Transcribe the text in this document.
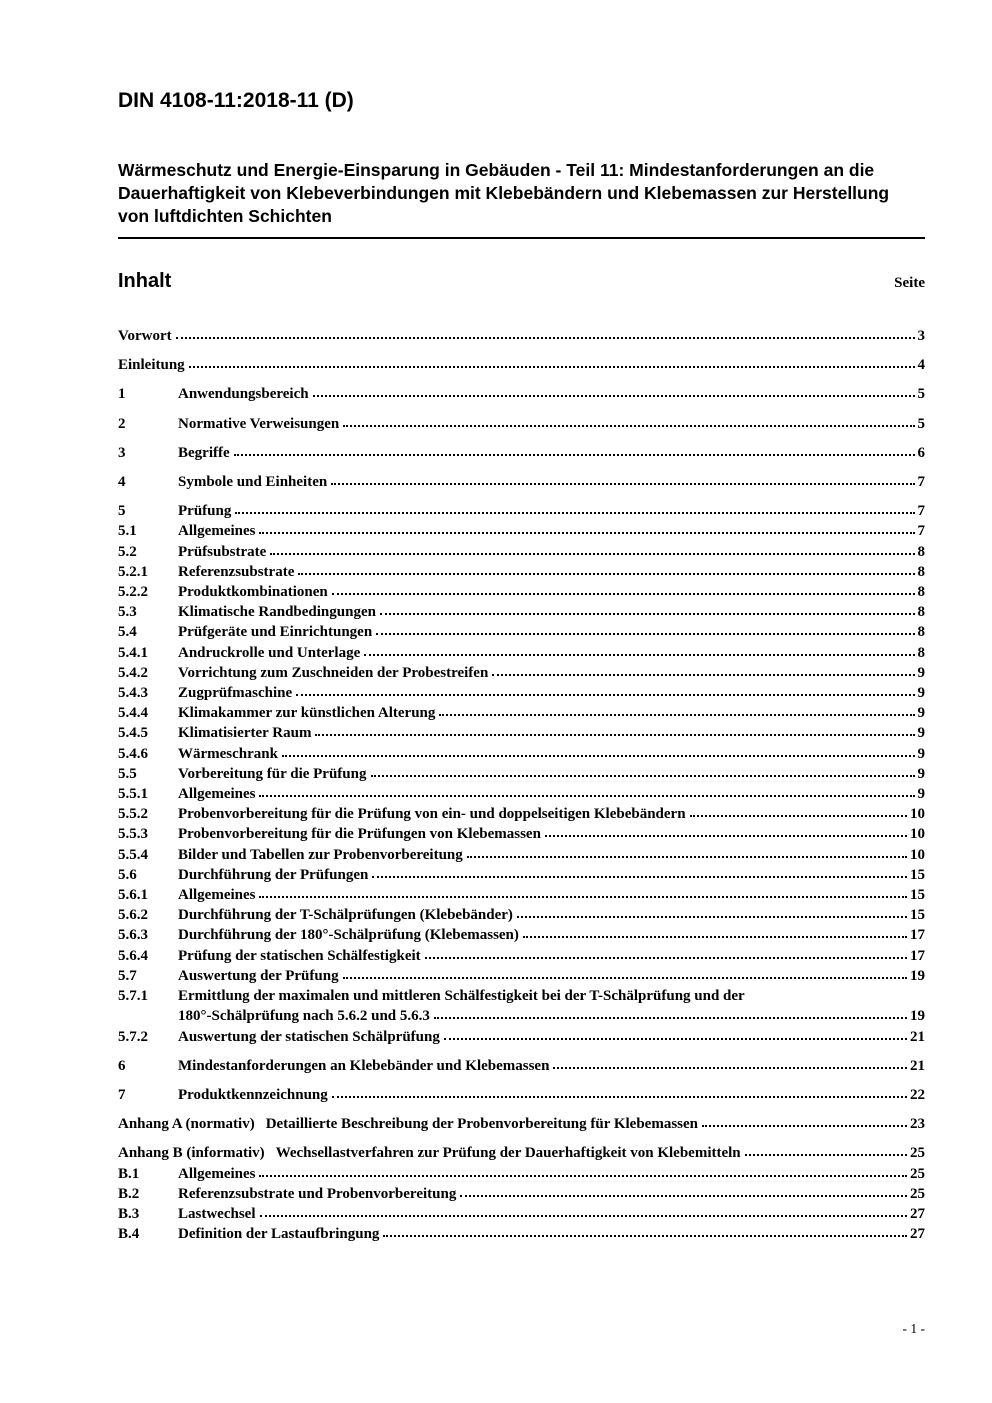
DIN 4108-11:2018-11 (D)
Wärmeschutz und Energie-Einsparung in Gebäuden - Teil 11: Mindestanforderungen an die Dauerhaftigkeit von Klebeverbindungen mit Klebebändern und Klebemassen zur Herstellung von luftdichten Schichten
Inhalt	Seite
Vorwort	3
Einleitung	4
1	Anwendungsbereich	5
2	Normative Verweisungen	5
3	Begriffe	6
4	Symbole und Einheiten	7
5	Prüfung	7
5.1	Allgemeines	7
5.2	Prüfsubstrate	8
5.2.1	Referenzsubstrate	8
5.2.2	Produktkombinationen	8
5.3	Klimatische Randbedingungen	8
5.4	Prüfgeräte und Einrichtungen	8
5.4.1	Andruckrolle und Unterlage	8
5.4.2	Vorrichtung zum Zuschneiden der Probestreifen	9
5.4.3	Zugprüfmaschine	9
5.4.4	Klimakammer zur künstlichen Alterung	9
5.4.5	Klimatisierter Raum	9
5.4.6	Wärmeschrank	9
5.5	Vorbereitung für die Prüfung	9
5.5.1	Allgemeines	9
5.5.2	Probenvorbereitung für die Prüfung von ein- und doppelseitigen Klebebändern	10
5.5.3	Probenvorbereitung für die Prüfungen von Klebemassen	10
5.5.4	Bilder und Tabellen zur Probenvorbereitung	10
5.6	Durchführung der Prüfungen	15
5.6.1	Allgemeines	15
5.6.2	Durchführung der T-Schälprüfungen (Klebebänder)	15
5.6.3	Durchführung der 180°-Schälprüfung (Klebemassen)	17
5.6.4	Prüfung der statischen Schälfestigkeit	17
5.7	Auswertung der Prüfung	19
5.7.1	Ermittlung der maximalen und mittleren Schälfestigkeit bei der T-Schälprüfung und der
180°-Schälprüfung nach 5.6.2 und 5.6.3	19
5.7.2	Auswertung der statischen Schälprüfung	21
6	Mindestanforderungen an Klebebänder und Klebemassen	21
7	Produktkennzeichnung	22
Anhang A (normativ) Detaillierte Beschreibung der Probenvorbereitung für Klebemassen	23
Anhang B (informativ) Wechsellastverfahren zur Prüfung der Dauerhaftigkeit von Klebemitteln	25
B.1	Allgemeines	25
B.2	Referenzsubstrate und Probenvorbereitung	25
B.3	Lastwechsel	27
B.4	Definition der Lastaufbringung	27
- 1 -
